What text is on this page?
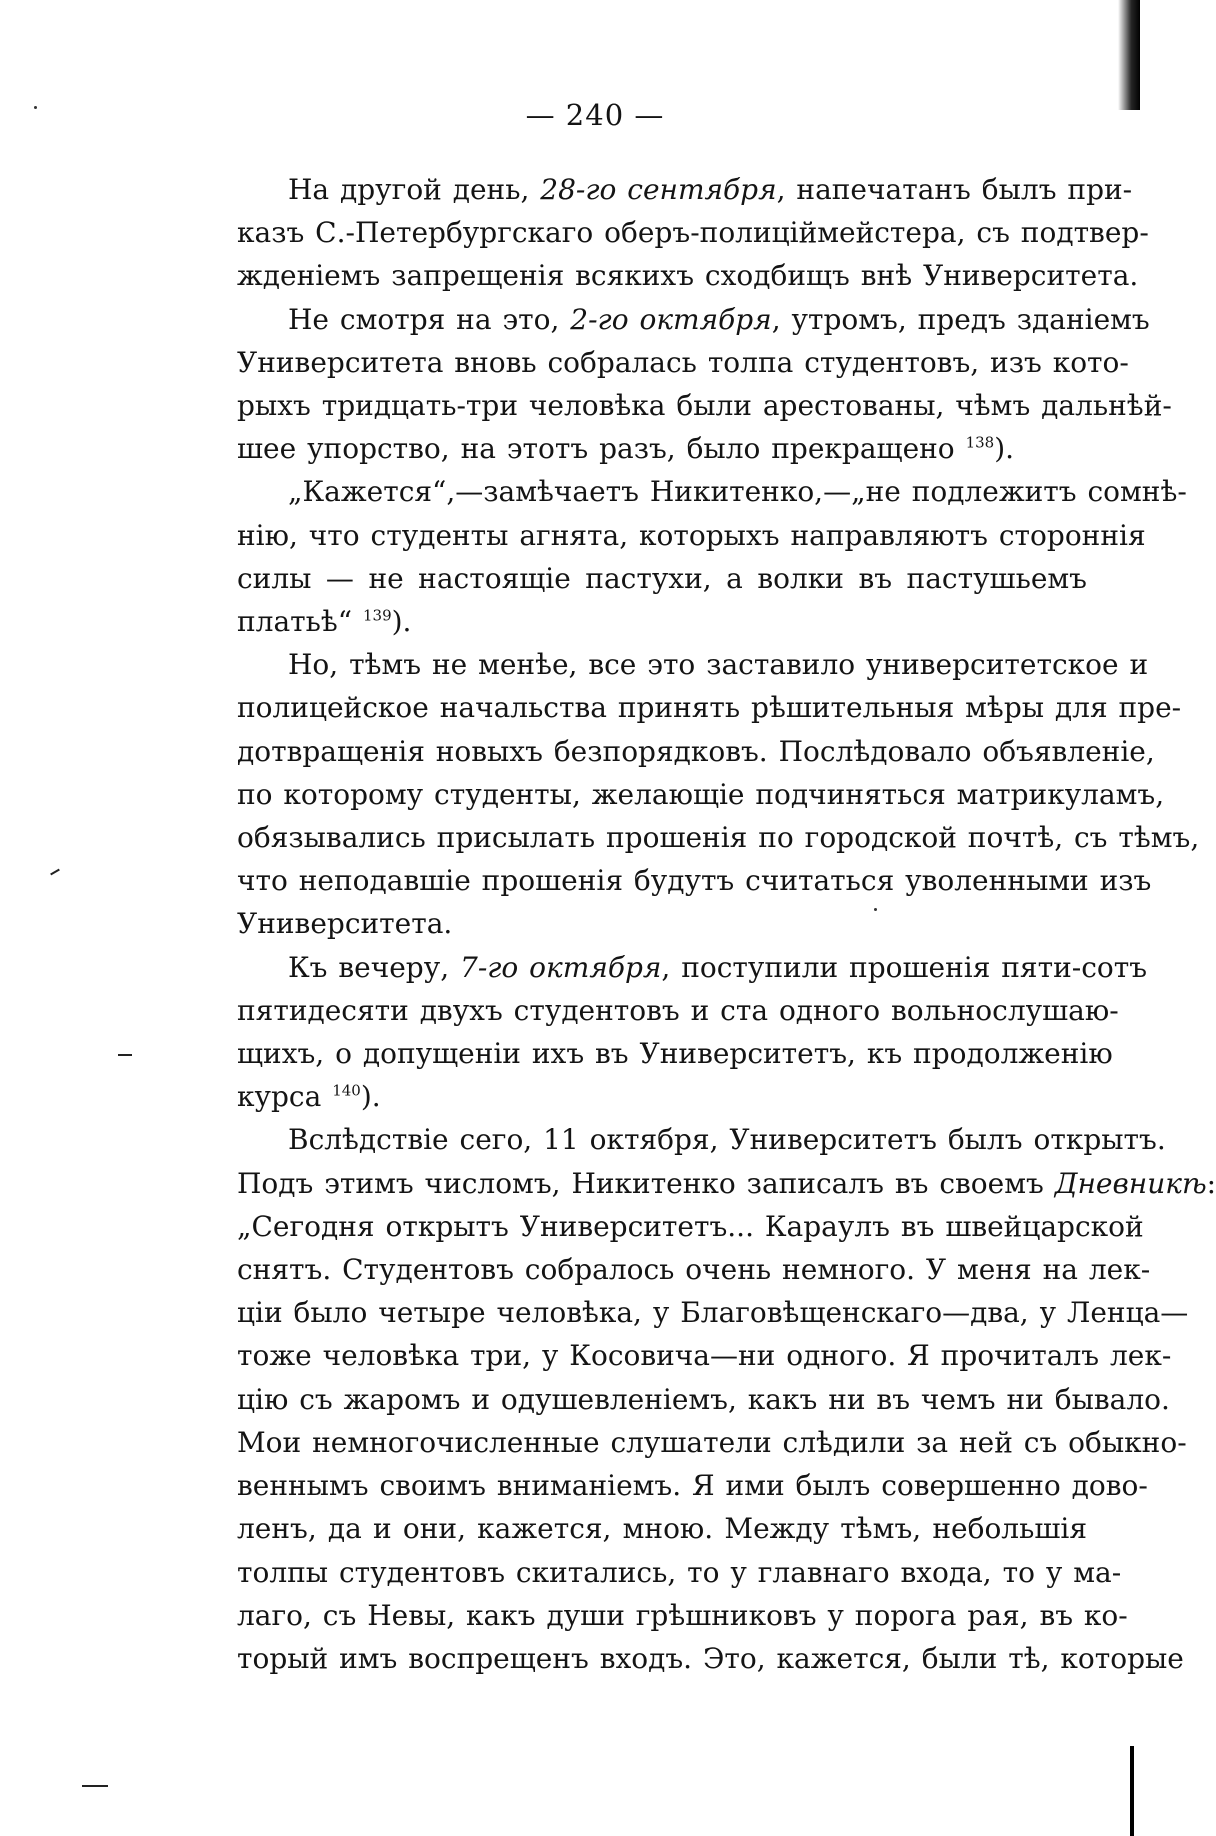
— 240 —

На другой день, 28-го сентября, напечатанъ былъ при-
казъ С.-Петербургскаго оберъ-полиціймейстера, съ подтвер-
жденіемъ запрещенія всякихъ сходбищъ внѣ Университета.

Не смотря на это, 2-го октября, утромъ, предъ зданіемъ
Университета вновь собралась толпа студентовъ, изъ кото-
рыхъ тридцать-три человѣка были арестованы, чѣмъ дальнѣй-
шее упорство, на этотъ разъ, было прекращено $^{138}$).

„Кажется“,—замѣчаетъ Никитенко,—„не подлежитъ сомнѣ-
нію, что студенты агнята, которыхъ направляютъ стороннія
силы — не настоящіе пастухи, а волки въ пастушьемъ
платьѣ“ $^{139}$).

Но, тѣмъ не менѣе, все это заставило университетское и
полицейское начальства принять рѣшительныя мѣры для пре-
дотвращенія новыхъ безпорядковъ. Послѣдовало объявленіе,
по которому студенты, желающіе подчиняться матрикуламъ,
обязывались присылать прошенія по городской почтѣ, съ тѣмъ,
что неподавшіе прошенія будутъ считаться уволенными изъ
Университета.

Къ вечеру, 7-го октября, поступили прошенія пяти-сотъ
пятидесяти двухъ студентовъ и ста одного вольнослушаю-
щихъ, о допущеніи ихъ въ Университетъ, къ продолженію
курса $^{140}$).

Вслѣдствіе сего, 11 октября, Университетъ былъ открытъ.
Подъ этимъ числомъ, Никитенко записалъ въ своемъ Дневникѣ:
„Сегодня открытъ Университетъ... Караулъ въ швейцарской
снятъ. Студентовъ собралось очень немного. У меня на лек-
ціи было четыре человѣка, у Благовѣщенскаго—два, у Ленца—
тоже человѣка три, у Косовича—ни одного. Я прочиталъ лек-
цію съ жаромъ и одушевленіемъ, какъ ни въ чемъ ни бывало.
Мои немногочисленные слушатели слѣдили за ней съ обыкно-
веннымъ своимъ вниманіемъ. Я ими былъ совершенно дово-
ленъ, да и они, кажется, мною. Между тѣмъ, небольшія
толпы студентовъ скитались, то у главнаго входа, то у ма-
лаго, съ Невы, какъ души грѣшниковъ у порога рая, въ ко-
торый имъ воспрещенъ входъ. Это, кажется, были тѣ, которые
